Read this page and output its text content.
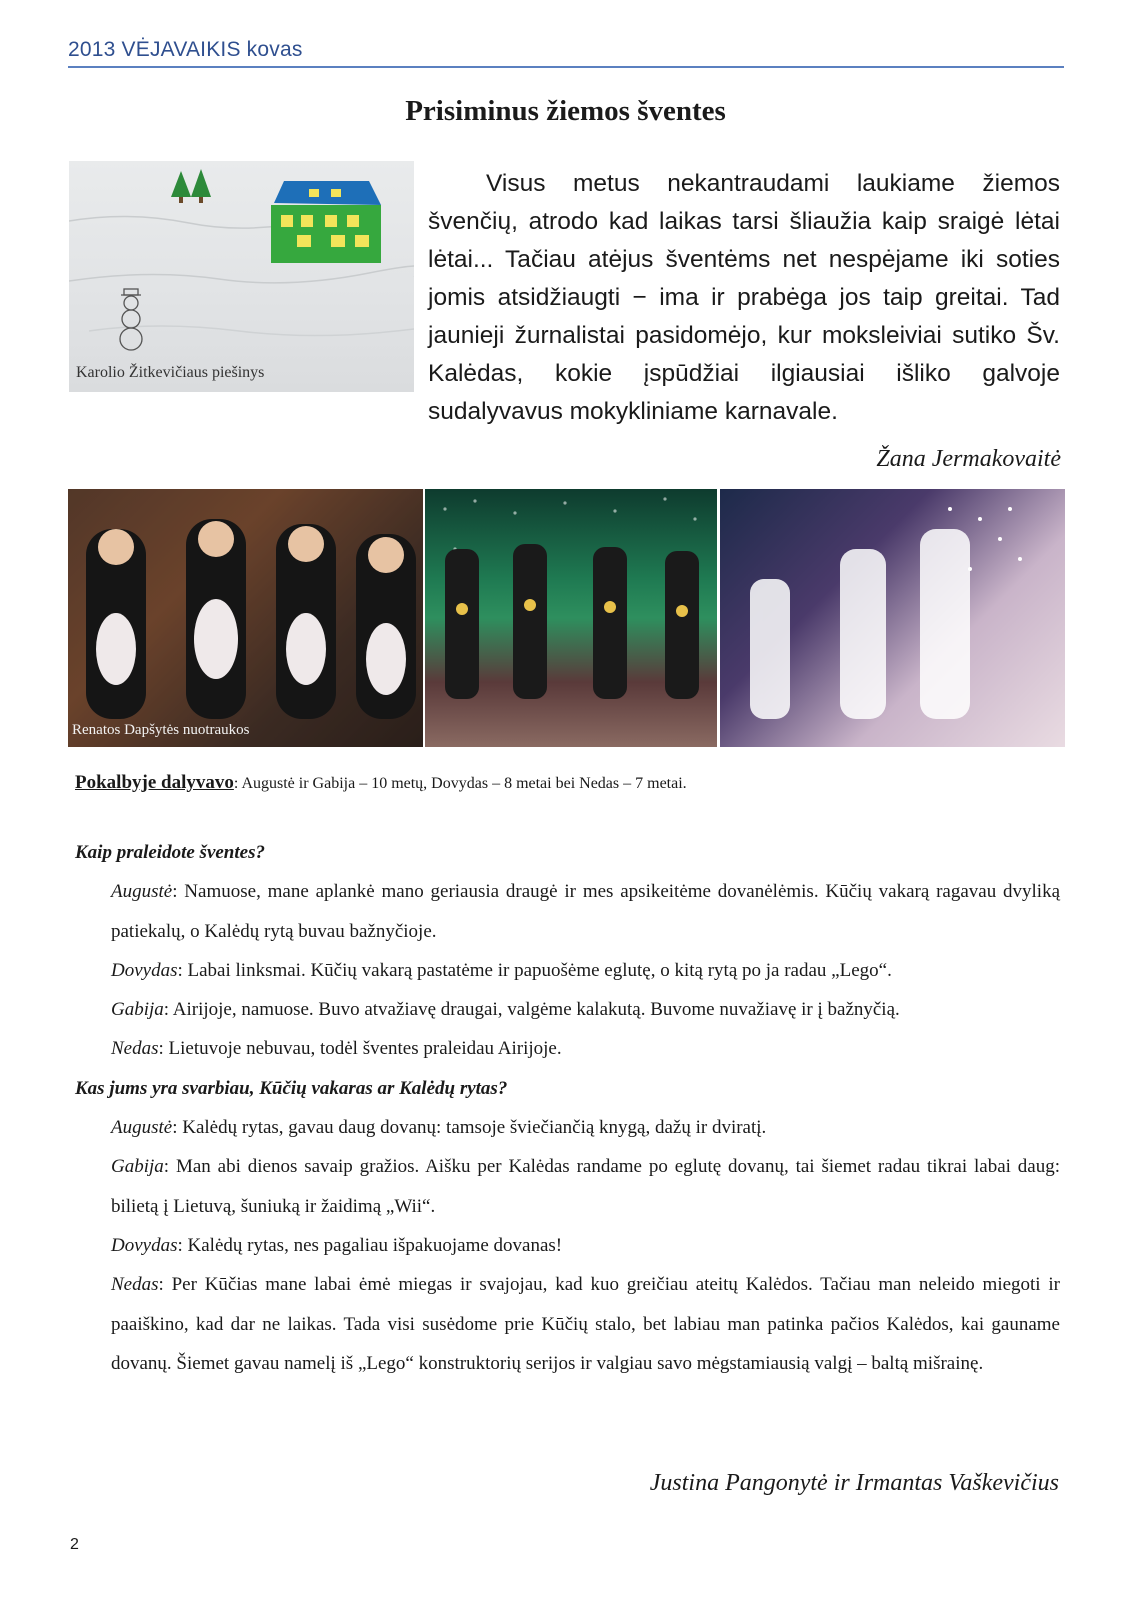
2013 VĖJAVAIKIS kovas
Prisiminus žiemos šventes
Karolio Žitkevičiaus piešinys

Visus metus nekantraudami laukiame žiemos švenčių, atrodo kad laikas tarsi šliaužia kaip sraigė lėtai lėtai... Tačiau atėjus šventėms net nespėjame iki soties jomis atsidžiaugti − ima ir prabėga jos taip greitai. Tad jaunieji žurnalistai pasidomėjo, kur moksleiviai sutiko Šv. Kalėdas, kokie įspūdžiai ilgiausiai išliko galvoje sudalyvavus mokykliniame karnavale.

Žana Jermakovaitė
Renatos Dapšytės nuotraukos
Pokalbyje dalyvavo: Augustė ir Gabija – 10 metų, Dovydas – 8 metai bei Nedas – 7 metai.

Kaip praleidote šventes?

Augustė: Namuose, mane aplankė mano geriausia draugė ir mes apsikeitėme dovanėlėmis. Kūčių vakarą ragavau dvyliką patiekalų, o Kalėdų rytą buvau bažnyčioje.

Dovydas: Labai linksmai. Kūčių vakarą pastatėme ir papuošėme eglutę, o kitą rytą po ja radau „Lego“.

Gabija: Airijoje, namuose. Buvo atvažiavę draugai, valgėme kalakutą. Buvome nuvažiavę ir į bažnyčią.

Nedas: Lietuvoje nebuvau, todėl šventes praleidau Airijoje.

Kas jums yra svarbiau, Kūčių vakaras ar Kalėdų rytas?

Augustė: Kalėdų rytas, gavau daug dovanų: tamsoje šviečiančią knygą, dažų ir dviratį.

Gabija: Man abi dienos savaip gražios. Aišku per Kalėdas randame po eglutę dovanų, tai šiemet radau tikrai labai daug: bilietą į Lietuvą, šuniuką ir žaidimą „Wii“.

Dovydas: Kalėdų rytas, nes pagaliau išpakuojame dovanas!

Nedas: Per Kūčias mane labai ėmė miegas ir svajojau, kad kuo greičiau ateitų Kalėdos. Tačiau man neleido miegoti ir paaiškino, kad dar ne laikas. Tada visi susėdome prie Kūčių stalo, bet labiau man patinka pačios Kalėdos, kai gauname dovanų. Šiemet gavau namelį iš „Lego“ konstruktorių serijos ir valgiau savo mėgstamiausią valgį – baltą mišrainę.

Justina Pangonytė ir Irmantas Vaškevičius
2
